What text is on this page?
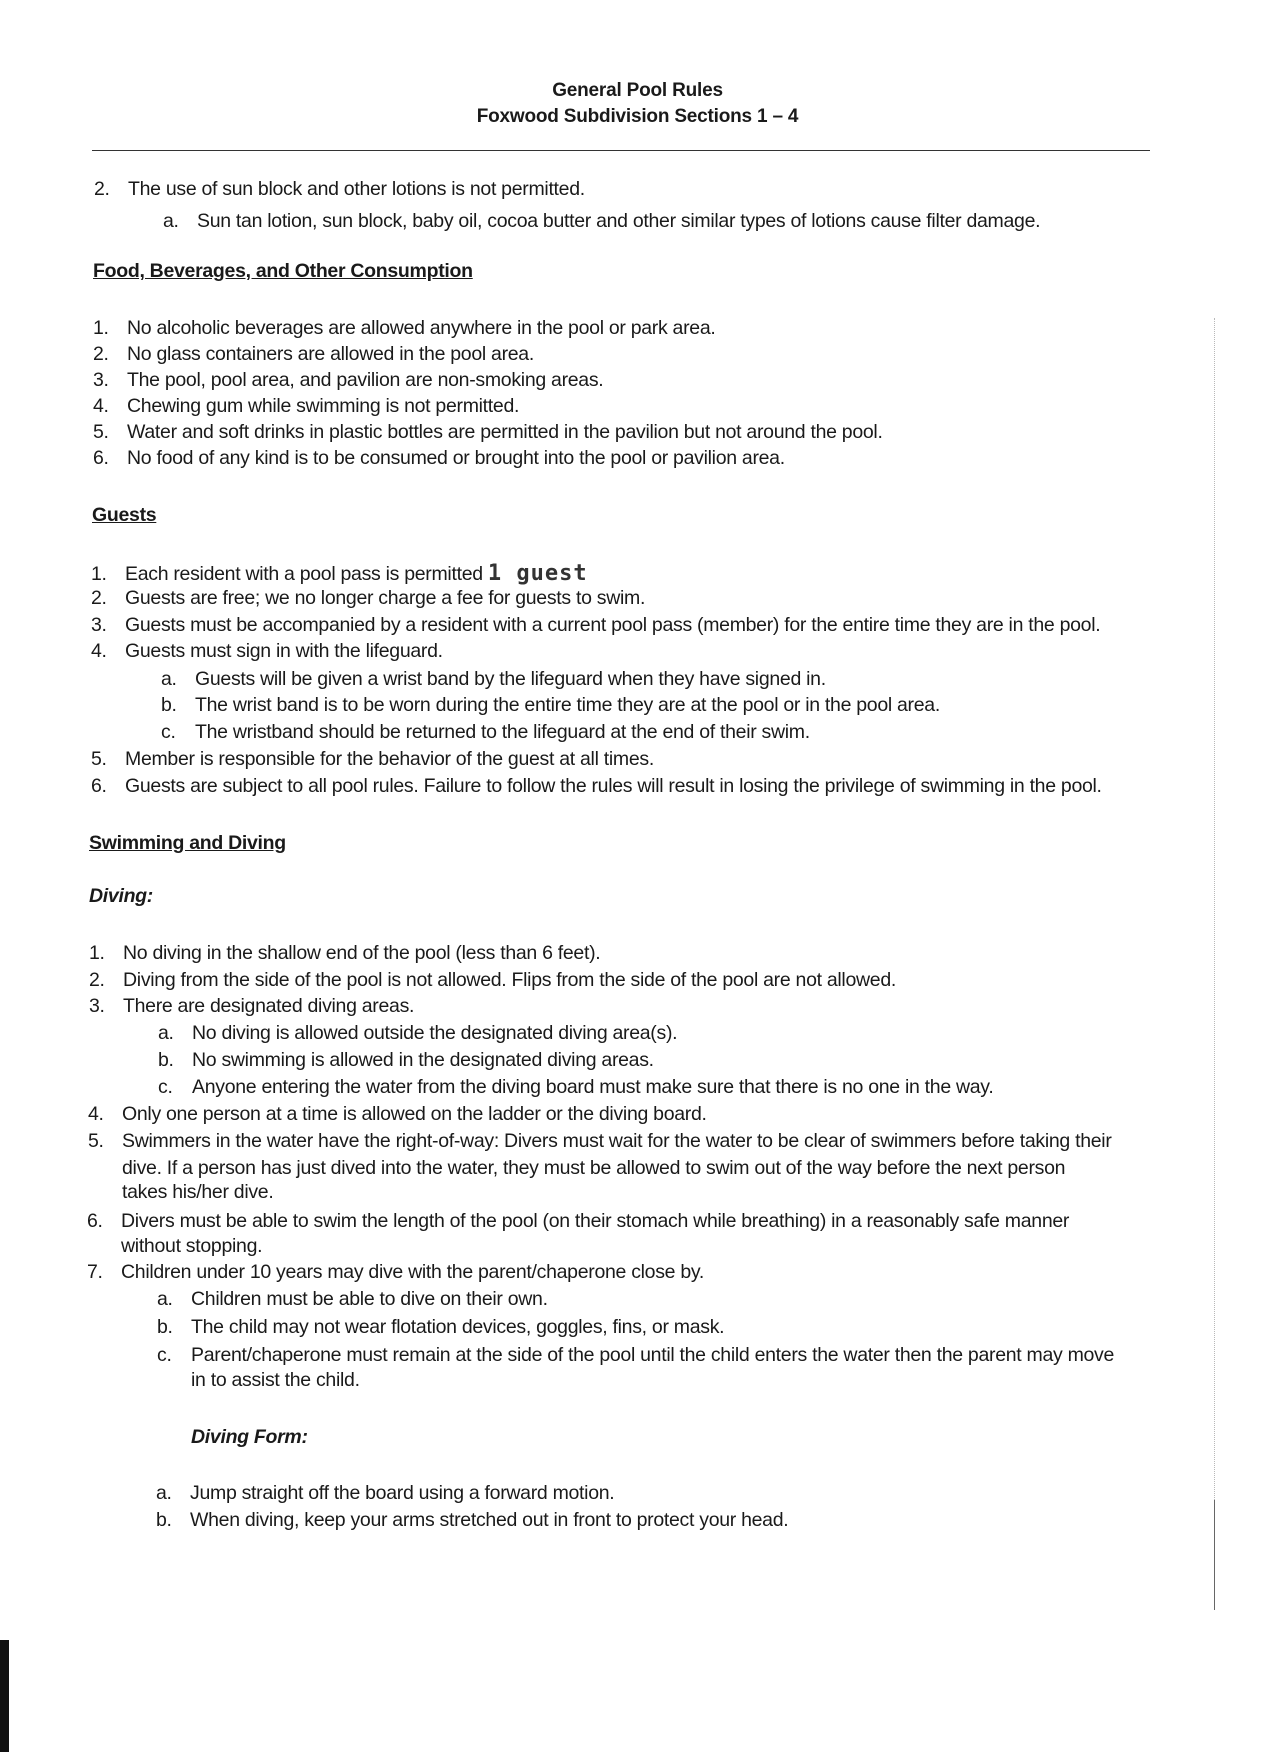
General Pool Rules
Foxwood Subdivision Sections 1 – 4
2. The use of sun block and other lotions is not permitted.
a. Sun tan lotion, sun block, baby oil, cocoa butter and other similar types of lotions cause filter damage.
Food, Beverages, and Other Consumption
1. No alcoholic beverages are allowed anywhere in the pool or park area.
2. No glass containers are allowed in the pool area.
3. The pool, pool area, and pavilion are non-smoking areas.
4. Chewing gum while swimming is not permitted.
5. Water and soft drinks in plastic bottles are permitted in the pavilion but not around the pool.
6. No food of any kind is to be consumed or brought into the pool or pavilion area.
Guests
1. Each resident with a pool pass is permitted 1 guest
2. Guests are free; we no longer charge a fee for guests to swim.
3. Guests must be accompanied by a resident with a current pool pass (member) for the entire time they are in the pool.
4. Guests must sign in with the lifeguard.
a. Guests will be given a wrist band by the lifeguard when they have signed in.
b. The wrist band is to be worn during the entire time they are at the pool or in the pool area.
c. The wristband should be returned to the lifeguard at the end of their swim.
5. Member is responsible for the behavior of the guest at all times.
6. Guests are subject to all pool rules. Failure to follow the rules will result in losing the privilege of swimming in the pool.
Swimming and Diving
Diving:
1. No diving in the shallow end of the pool (less than 6 feet).
2. Diving from the side of the pool is not allowed. Flips from the side of the pool are not allowed.
3. There are designated diving areas.
a. No diving is allowed outside the designated diving area(s).
b. No swimming is allowed in the designated diving areas.
c. Anyone entering the water from the diving board must make sure that there is no one in the way.
4. Only one person at a time is allowed on the ladder or the diving board.
5. Swimmers in the water have the right-of-way: Divers must wait for the water to be clear of swimmers before taking their
dive. If a person has just dived into the water, they must be allowed to swim out of the way before the next person
takes his/her dive.
6. Divers must be able to swim the length of the pool (on their stomach while breathing) in a reasonably safe manner
without stopping.
7. Children under 10 years may dive with the parent/chaperone close by.
a. Children must be able to dive on their own.
b. The child may not wear flotation devices, goggles, fins, or mask.
c. Parent/chaperone must remain at the side of the pool until the child enters the water then the parent may move
in to assist the child.
Diving Form:
a. Jump straight off the board using a forward motion.
b. When diving, keep your arms stretched out in front to protect your head.
